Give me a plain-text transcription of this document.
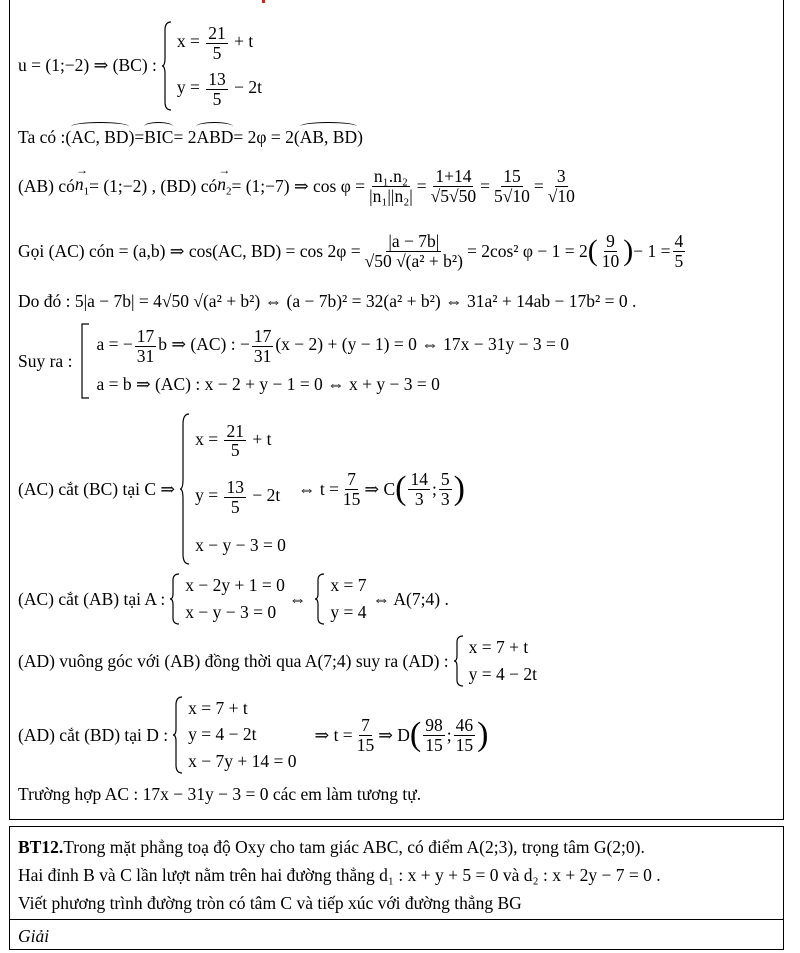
u = (1;−2) ⇒ (BC) :
$x = \frac{21}{5} + t$
$y = \frac{13}{5} - 2t$
Ta có : ( AC, BD ) = BIC = 2 ABD = 2φ = 2( AB, BD )
(AB) có → $n_1$ = (1;−2) , (BD) có → $n_2$ = (1;−7) ⇒ $\cos \varphi = \frac{\text{n₁.n₂}}{\text{|n₁||n₂|}} = \frac{1+14}{√5√50} = \frac{15}{5√10} = \frac{3}{√10}$
Gọi (AC) có n = (a,b) ⇒ cos(AC, $BD) = \cos 2\varphi = \frac{|a - 7b|}{\text{√50 √(a² + b²)}} = 2\cos^2$ φ − 1 = 2 ( $\frac{9}{10}$ ) − $1 = \frac{4}{5}$
Do đó : 5|a − 7b| = 4√50 √(a² + b²) ⇔ (a − 7b)² = 32(a² + b²) ⇔ 31a² + 14ab − 17b² = 0 .
Suy ra :
a = − $\frac{17}{31}$ b ⇒ (AC) : − $\frac{17}{31} (x - 2) + (y - 1) = 0$ ⇔ 17x − 31y − 3 = 0
a = b ⇒ (AC) : x − 2 + y − 1 = 0 ⇔ x + y − 3 = 0
(AC) cắt (BC) tại C ⇒
$x = \frac{21}{5} + t$
$y = \frac{13}{5} - 2t$
x − y − 3 = 0
⇔ $t = \frac{7}{15}$ ⇒ C ( $\frac{14}{3}$ ; $\frac{5}{3}$ )
(AC) cắt (AB) tại A :
x − 2y + 1 = 0
x − y − 3 = 0
⇔
x = 7
y = 4
⇔ A(7;4) .
(AD) vuông góc với (AB) đồng thời qua A(7;4) suy ra (AD) :
x = 7 + t
y = 4 − 2t
(AD) cắt (BD) tại D :
x = 7 + t
y = 4 − 2t
x − 7y + 14 = 0
⇒ $t = \frac{7}{15}$ ⇒ D ( $\frac{98}{15}$ ; $\frac{46}{15}$ )
Trường hợp AC : 17x − 31y − 3 = 0 các em làm tương tự.
BT12. Trong mặt phẳng toạ độ Oxy cho tam giác ABC, có điểm A(2;3), trọng tâm G(2;0).
Hai đỉnh B và C lần lượt nằm trên hai đường thẳng d₁ : x + y + 5 = 0 và d₂ : x + 2y − 7 = 0 .
Viết phương trình đường tròn có tâm C và tiếp xúc với đường thẳng BG
Giải
